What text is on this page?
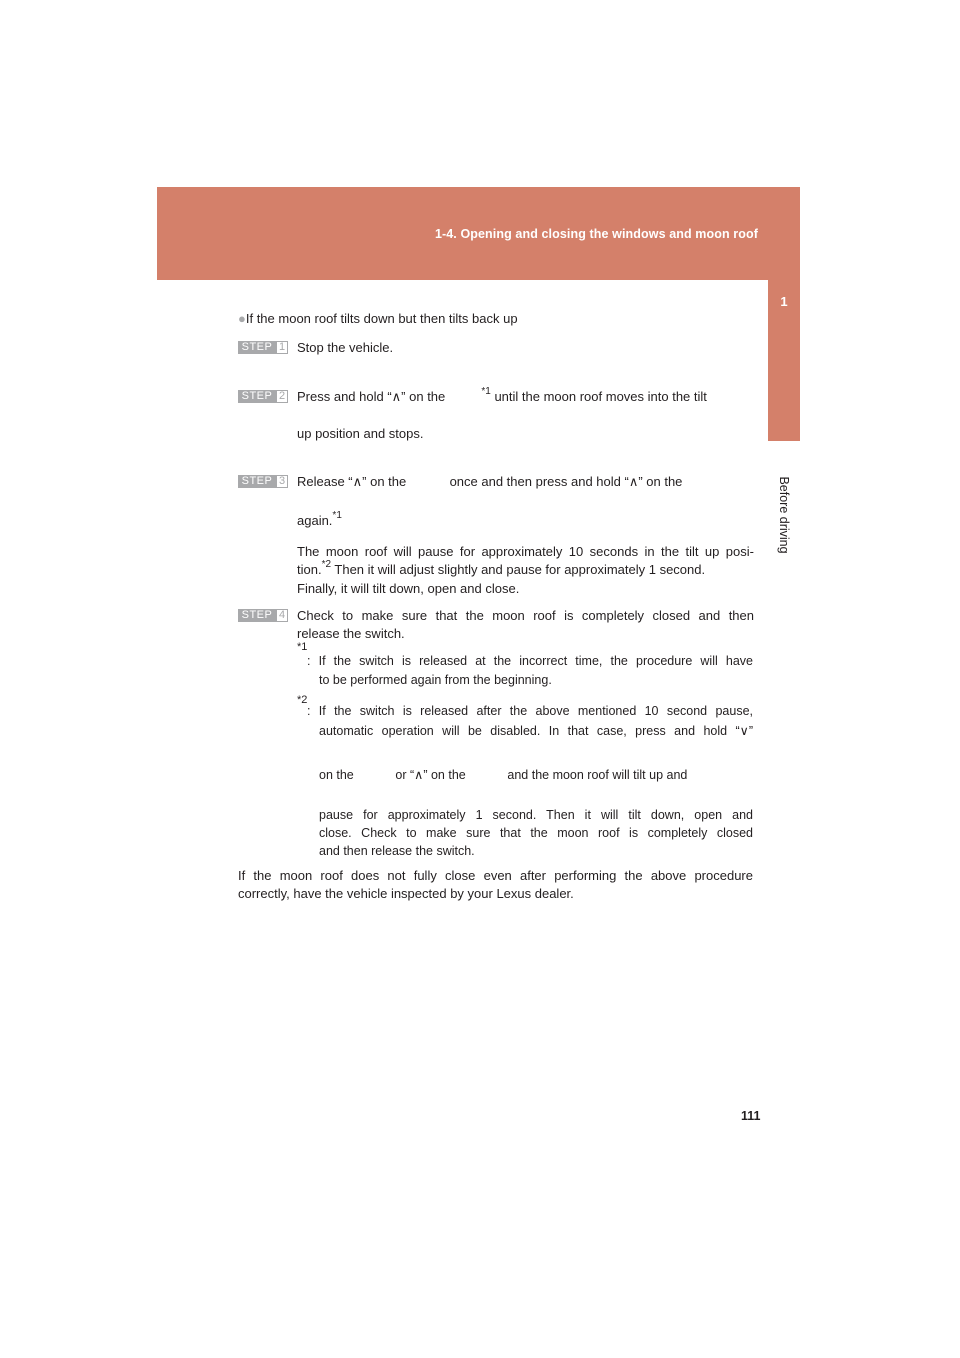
1-4. Opening and closing the windows and moon roof
1
Before driving
●If the moon roof tilts down but then tilts back up
STEP 1 Stop the vehicle.
STEP 2 Press and hold “∧” on the	$^{*1}$ until the moon roof moves into the tilt
up position and stops.
STEP 3 Release “∧” on the            once and then press and hold “∧” on the
again.$^{*1}$
The moon roof will pause for approximately 10 seconds in the tilt up posi-
tion.$^{*2}$ Then it will adjust slightly and pause for approximately 1 second.
Finally, it will tilt down, open and close.
STEP 4 Check to make sure that the moon roof is completely closed and then
release the switch.
$^{*1}$
: If the switch is released at the incorrect time, the procedure will have
to be performed again from the beginning.
$^{*2}$
: If the switch is released after the above mentioned 10 second pause,
automatic operation will be disabled. In that case, press and hold “∨”
on the            or “∧” on the            and the moon roof will tilt up and
pause for approximately 1 second. Then it will tilt down, open and
close. Check to make sure that the moon roof is completely closed
and then release the switch.
If the moon roof does not fully close even after performing the above procedure
correctly, have the vehicle inspected by your Lexus dealer.
111
